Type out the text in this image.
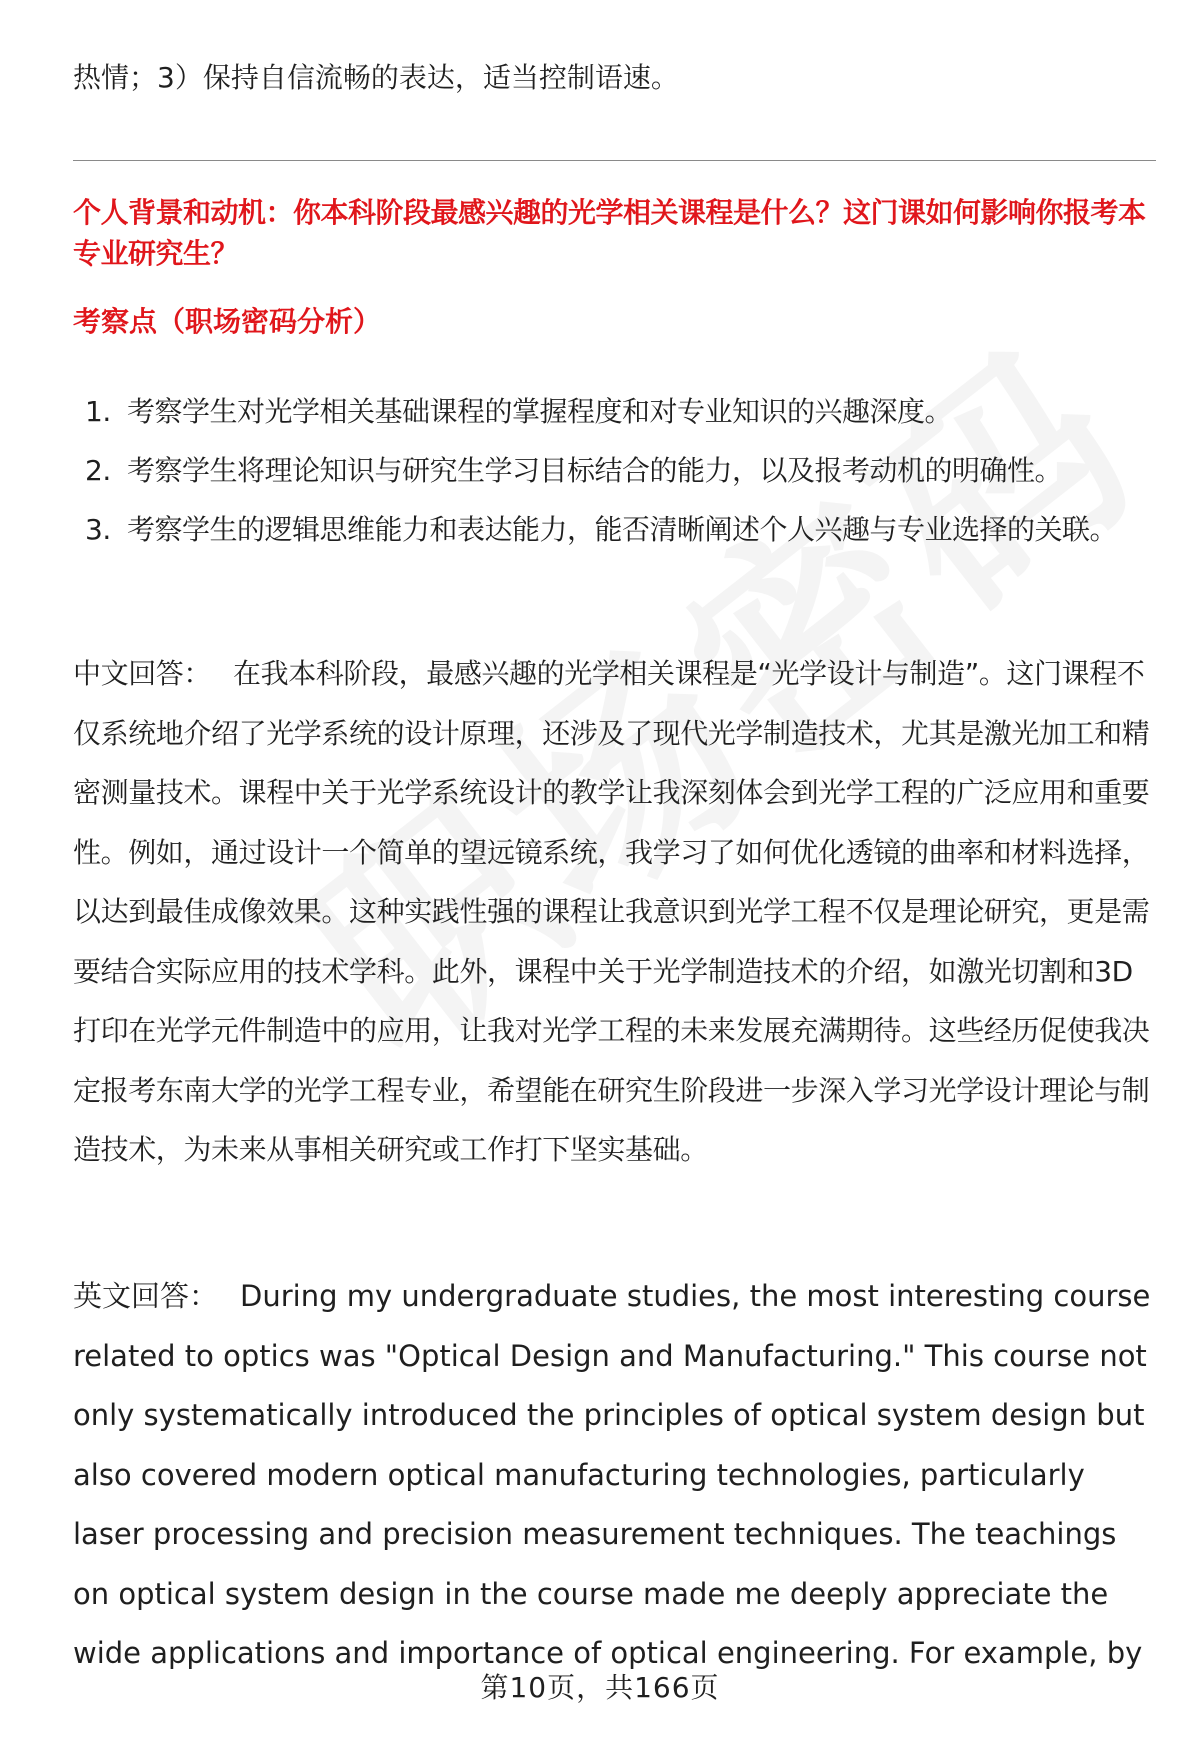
热情；3）保持自信流畅的表达，适当控制语速。
个人背景和动机：你本科阶段最感兴趣的光学相关课程是什么？这门课如何影响你报考本专业研究生？
考察点（职场密码分析）
1. 考察学生对光学相关基础课程的掌握程度和对专业知识的兴趣深度。
2. 考察学生将理论知识与研究生学习目标结合的能力，以及报考动机的明确性。
3. 考察学生的逻辑思维能力和表达能力，能否清晰阐述个人兴趣与专业选择的关联。

中文回答： 在我本科阶段，最感兴趣的光学相关课程是“光学设计与制造”。这门课程不仅系统地介绍了光学系统的设计原理，还涉及了现代光学制造技术，尤其是激光加工和精密测量技术。课程中关于光学系统设计的教学让我深刻体会到光学工程的广泛应用和重要性。例如，通过设计一个简单的望远镜系统，我学习了如何优化透镜的曲率和材料选择，以达到最佳成像效果。这种实践性强的课程让我意识到光学工程不仅是理论研究，更是需要结合实际应用的技术学科。此外，课程中关于光学制造技术的介绍，如激光切割和3D打印在光学元件制造中的应用，让我对光学工程的未来发展充满期待。这些经历促使我决定报考东南大学的光学工程专业，希望能在研究生阶段进一步深入学习光学设计理论与制造技术，为未来从事相关研究或工作打下坚实基础。

英文回答： During my undergraduate studies, the most interesting course related to optics was "Optical Design and Manufacturing." This course not only systematically introduced the principles of optical system design but also covered modern optical manufacturing technologies, particularly laser processing and precision measurement techniques. The teachings on optical system design in the course made me deeply appreciate the wide applications and importance of optical engineering. For example, by

第10页，共166页
